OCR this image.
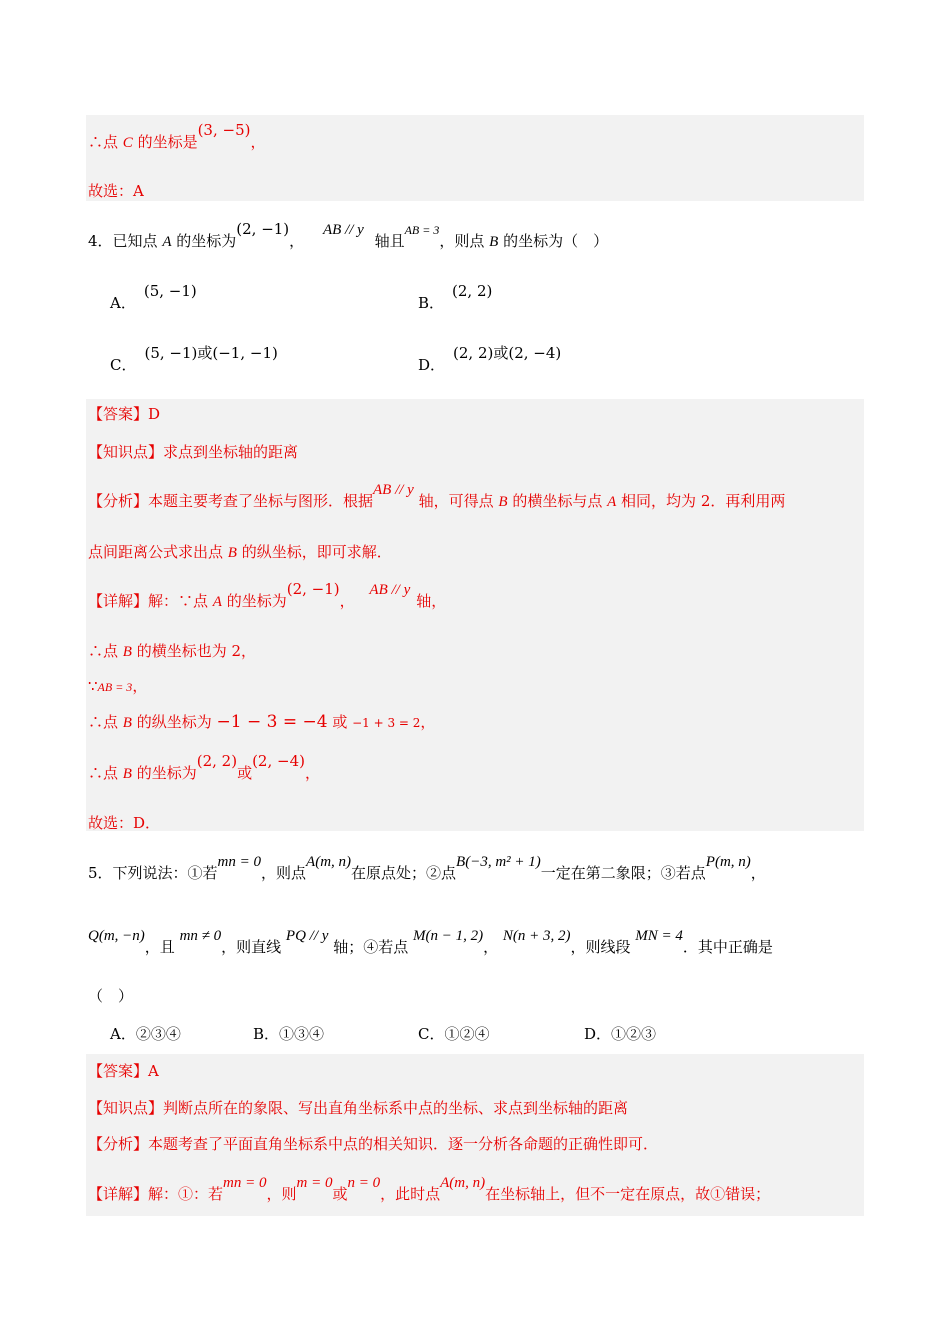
∴点 C 的坐标是(3, −5)，
故选：A
4．已知点 A 的坐标为(2, −1)， AB // y 轴且$^{AB = 3}$，则点 B 的坐标为（　）
A．(5, −1)
B．(2, 2)
C．(5, −1)或(−1, −1)
D．(2, 2)或(2, −4)
【答案】D
【知识点】求点到坐标轴的距离
【分析】本题主要考查了坐标与图形．根据AB // y 轴，可得点 B 的横坐标与点 A 相同，均为 2．再利用两
点间距离公式求出点 B 的纵坐标，即可求解．
【详解】解：∵点 A 的坐标为(2, −1)， AB // y轴，
∴点 B 的横坐标也为 2，
∵AB = 3，
∴点 B 的纵坐标为 −1 − 3 = −4 或 −1 + 3 = 2，
∴点 B 的坐标为(2, 2)或(2, −4)，
故选：D．
5．下列说法：①若mn = 0，则点A(m, n)在原点处；②点B(−3, m² + 1)一定在第二象限；③若点P(m, n)，
Q(m, −n)，且 mn ≠ 0，则直线 PQ // y 轴；④若点 M(n − 1, 2)， N(n + 3, 2)，则线段 MN = 4．其中正确是
（　）
A．②③④	B．①③④	C．①②④	D．①②③
【答案】A
【知识点】判断点所在的象限、写出直角坐标系中点的坐标、求点到坐标轴的距离
【分析】本题考查了平面直角坐标系中点的相关知识．逐一分析各命题的正确性即可．
【详解】解：①：若mn = 0，则m = 0或n = 0，此时点A(m, n)在坐标轴上，但不一定在原点，故①错误；
